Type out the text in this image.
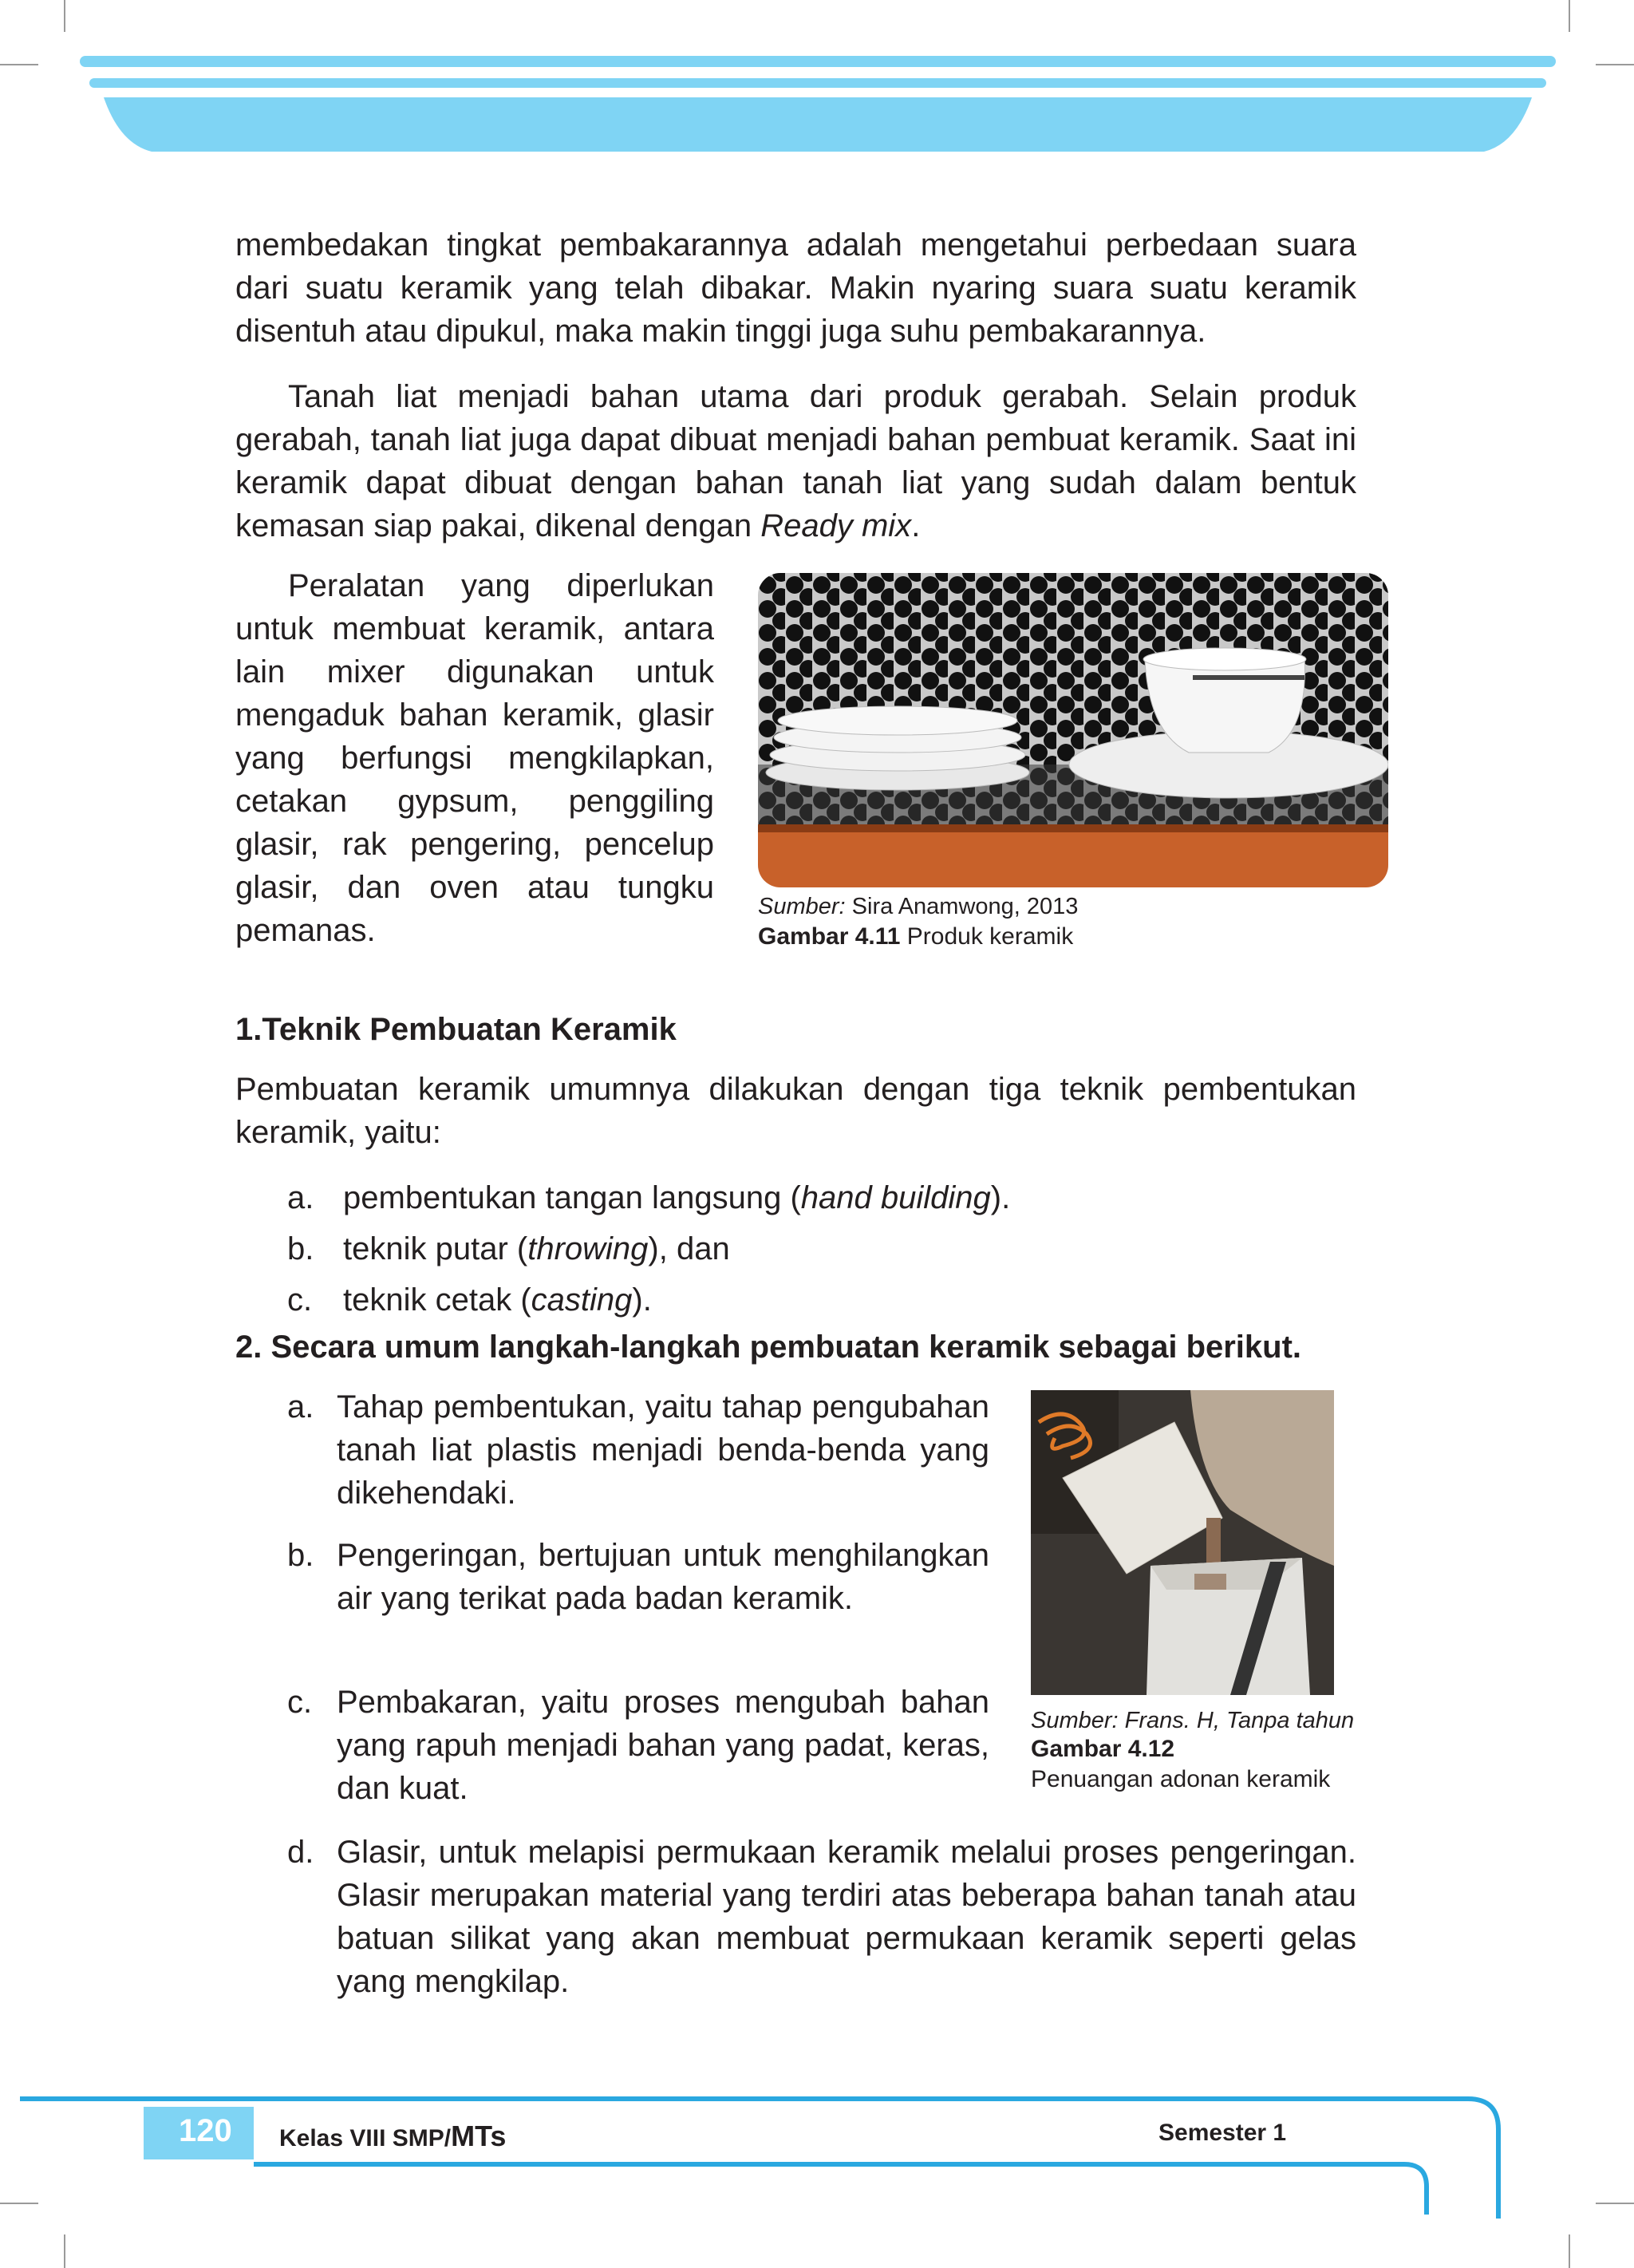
membedakan tingkat pembakarannya adalah mengetahui perbedaan suara dari suatu keramik yang telah dibakar. Makin nyaring suara suatu keramik disentuh atau dipukul, maka makin tinggi juga suhu pembakarannya.

Tanah liat menjadi bahan utama dari produk gerabah. Selain produk gerabah, tanah liat juga dapat dibuat menjadi bahan pembuat keramik. Saat ini keramik dapat dibuat dengan bahan tanah liat yang sudah dalam bentuk kemasan siap pakai, dikenal dengan Ready mix.

Peralatan yang diperlukan untuk membuat keramik, antara lain mixer digunakan untuk mengaduk bahan keramik, glasir yang berfungsi mengkilapkan, cetakan gypsum, penggiling glasir, rak pengering, pencelup glasir, dan oven atau tungku pemanas.

Sumber: Sira Anamwong, 2013
Gambar 4.11 Produk keramik
1.Teknik Pembuatan Keramik

Pembuatan keramik umumnya dilakukan dengan tiga teknik pembentukan keramik, yaitu:

a. pembentukan tangan langsung (hand building).
b. teknik putar (throwing), dan
c. teknik cetak (casting).
2. Secara umum langkah-langkah pembuatan keramik sebagai berikut.
a. Tahap pembentukan, yaitu tahap pengubahan tanah liat plastis menjadi benda-benda yang dikehendaki.
b. Pengeringan, bertujuan untuk menghilangkan air yang terikat pada badan keramik.
c. Pembakaran, yaitu proses mengubah bahan yang rapuh menjadi bahan yang padat, keras, dan kuat.
d. Glasir, untuk melapisi permukaan keramik melalui proses pengeringan. Glasir merupakan material yang terdiri atas beberapa bahan tanah atau batuan silikat yang akan membuat permukaan keramik seperti gelas yang mengkilap.
Sumber: Frans. H, Tanpa tahun
Gambar 4.12
Penuangan adonan keramik
120 Kelas VIII SMP/MTs	Semester 1
